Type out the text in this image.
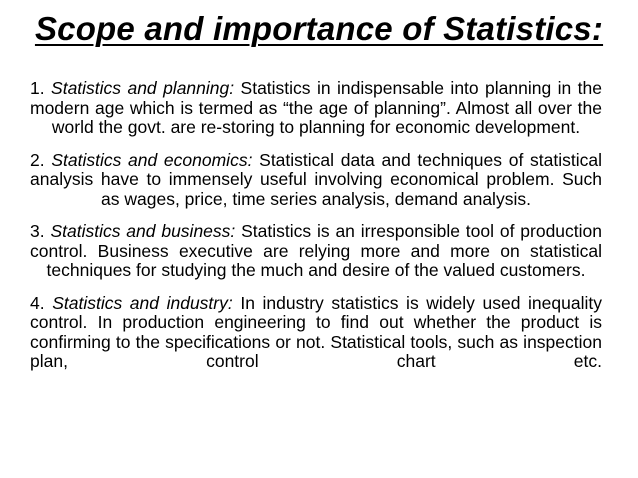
Scope and importance of Statistics:

1. Statistics and planning: Statistics in indispensable into planning in the modern age which is termed as “the age of planning”. Almost all over the world the govt. are re-storing to planning for economic development.

2. Statistics and economics: Statistical data and techniques of statistical analysis have to immensely useful involving economical problem. Such as wages, price, time series analysis, demand analysis.

3. Statistics and business: Statistics is an irresponsible tool of production control. Business executive are relying more and more on statistical techniques for studying the much and desire of the valued customers.

4. Statistics and industry: In industry statistics is widely used inequality control. In production engineering to find out whether the product is confirming to the specifications or not. Statistical tools, such as inspection plan, control chart etc.
